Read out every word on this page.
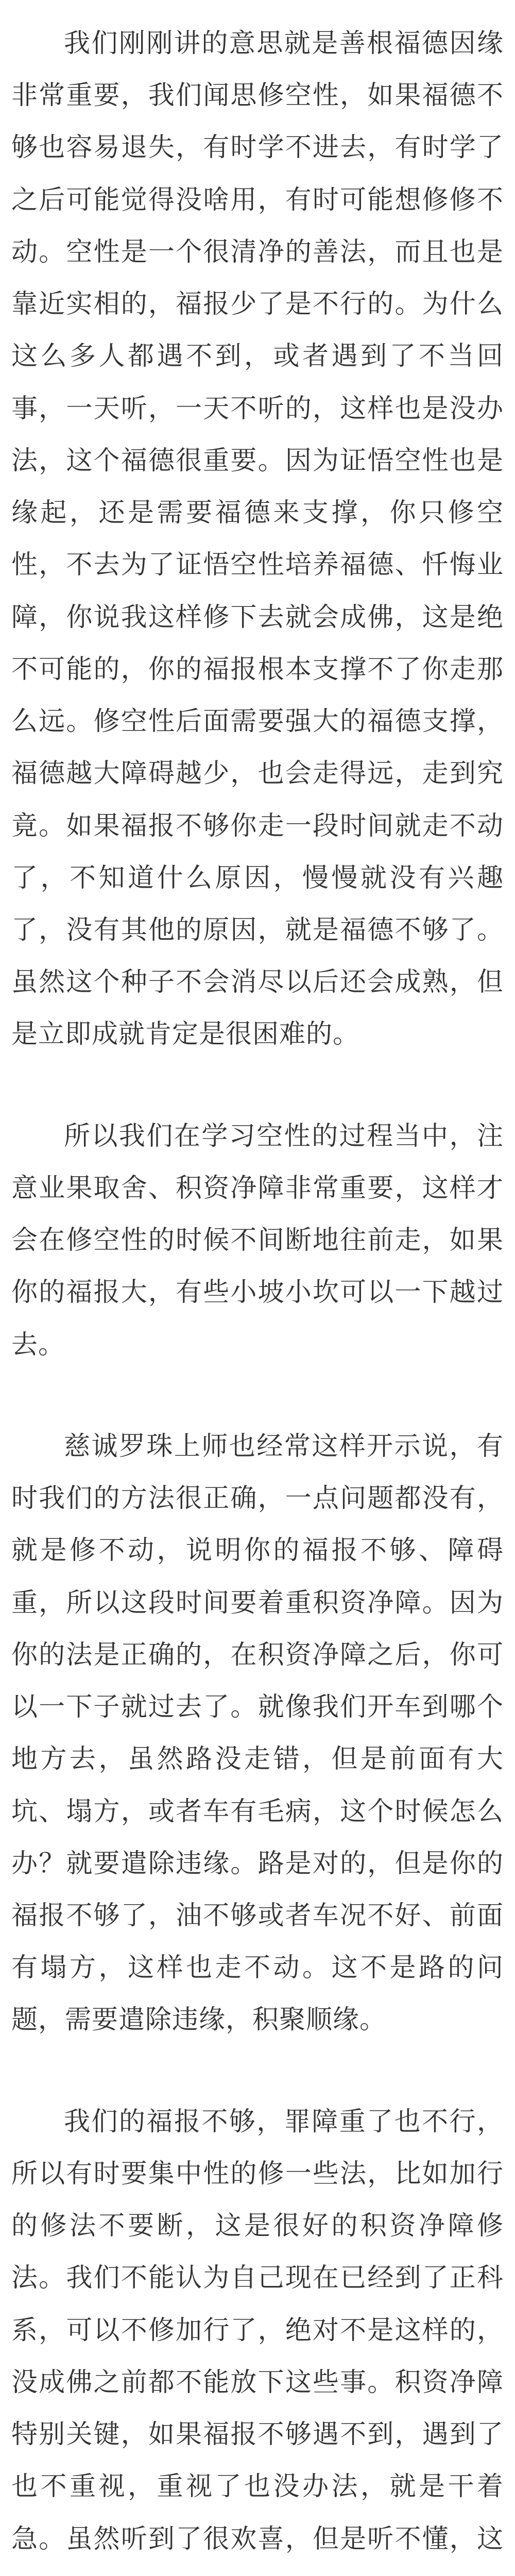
我们刚刚讲的意思就是善根福德因缘非常重要，我们闻思修空性，如果福德不够也容易退失，有时学不进去，有时学了之后可能觉得没啥用，有时可能想修修不动。空性是一个很清净的善法，而且也是靠近实相的，福报少了是不行的。为什么这么多人都遇不到，或者遇到了不当回事，一天听，一天不听的，这样也是没办法，这个福德很重要。因为证悟空性也是缘起，还是需要福德来支撑，你只修空性，不去为了证悟空性培养福德、忏悔业障，你说我这样修下去就会成佛，这是绝不可能的，你的福报根本支撑不了你走那么远。修空性后面需要强大的福德支撑，福德越大障碍越少，也会走得远，走到究竟。如果福报不够你走一段时间就走不动了，不知道什么原因，慢慢就没有兴趣了，没有其他的原因，就是福德不够了。虽然这个种子不会消尽以后还会成熟，但是立即成就肯定是很困难的。

所以我们在学习空性的过程当中，注意业果取舍、积资净障非常重要，这样才会在修空性的时候不间断地往前走，如果你的福报大，有些小坡小坎可以一下越过去。

慈诚罗珠上师也经常这样开示说，有时我们的方法很正确，一点问题都没有，就是修不动，说明你的福报不够、障碍重，所以这段时间要着重积资净障。因为你的法是正确的，在积资净障之后，你可以一下子就过去了。就像我们开车到哪个地方去，虽然路没走错，但是前面有大坑、塌方，或者车有毛病，这个时候怎么办？就要遣除违缘。路是对的，但是你的福报不够了，油不够或者车况不好、前面有塌方，这样也走不动。这不是路的问题，需要遣除违缘，积聚顺缘。

我们的福报不够，罪障重了也不行，所以有时要集中性的修一些法，比如加行的修法不要断，这是很好的积资净障修法。我们不能认为自己现在已经到了正科系，可以不修加行了，绝对不是这样的，没成佛之前都不能放下这些事。积资净障特别关键，如果福报不够遇不到，遇到了也不重视，重视了也没办法，就是干着急。虽然听到了很欢喜，但是听不懂，这
